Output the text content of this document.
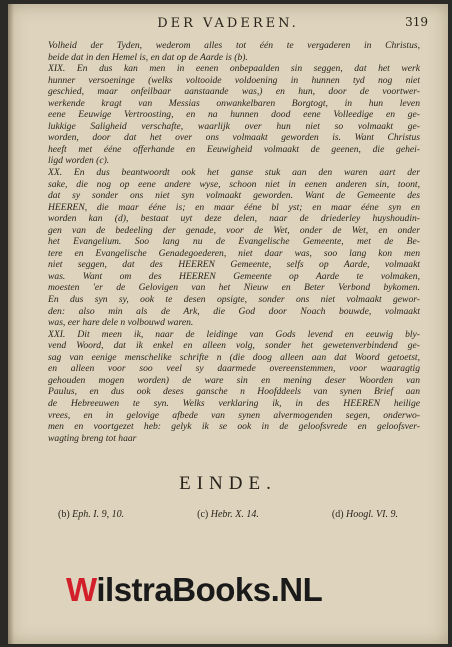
DER VADEREN.	319
Volheid der Tyden, wederom alles tot één te vergaderen in Christus,
beide dat in den Hemel is, en dat op de Aarde is (b).
XIX. En dus kan men in eenen onbepaalden sin seggen, dat het werk
hunner versoeninge (welks voltooide voldoening in hunnen tyd nog niet
geschied, maar onfeilbaar aanstaande was,) en hun, door de voortwer-
werkende kragt van Messias onwankelbaren Borgtogt, in hun leven
eene Eeuwige Vertroosting, en na hunnen dood eene Volleedige en ge-
lukkige Saligheid verschafte, waarlijk over hun niet so volmaakt ge-
worden, door dat het over ons volmaakt geworden is. Want Christus
heeft met ééne offerhande en Eeuwigheid volmaakt de geenen, die gehei-
ligd worden (c).
XX. En dus beantwoordt ook het ganse stuk aan den waren aart der
sake, die nog op eene andere wyse, schoon niet in eenen anderen sin, toont,
dat sy sonder ons niet syn volmaakt geworden. Want de Gemeente des
HEEREN, die maar ééne is; en maar ééne bl yst; en maar ééne syn en
worden kan (d), bestaat uyt deze delen, naar de driederley huyshoudin-
gen van de bedeeling der genade, voor de Wet, onder de Wet, en onder
het Evangelium. Soo lang nu de Evangelische Gemeente, met de Be-
tere en Evangelische Genadegoederen, niet daar was, soo lang kon men
niet seggen, dat des HEEREN Gemeente, selfs op Aarde, volmaakt
was. Want om des HEEREN Gemeente op Aarde te volmaken,
moesten 'er de Gelovigen van het Nieuw en Beter Verbond bykomen.
En dus syn sy, ook te desen opsigte, sonder ons niet volmaakt gewor-
den: also min als de Ark, die God door Noach bouwde, volmaakt
was, eer hare dele n volbouwd waren.
XXI. Dit meen ik, naar de leidinge van Gods levend en eeuwig bly-
vend Woord, dat ik enkel en alleen volg, sonder het gewetenverbindend ge-
sag van eenige menschelike schrifte n (die doog alleen aan dat Woord getoetst,
en alleen voor soo veel sy daarmede overeenstemmen, voor waaragtig
gehouden mogen worden) de ware sin en mening deser Woorden van
Paulus, en dus ook deses gansche n Hoofddeels van synen Brief aan
de Hebreeuwen te syn. Welks verklaring ik, in des HEEREN heilige
vrees, en in gelovige afbede van synen alvermogenden segen, onderwo-
men en voortgezet heb: gelyk ik se ook in de geloofsvrede en geloofsver-
wagting breng tot haar
EINDE.
(b) Eph. I. 9, 10.	(c) Hebr. X. 14.	(d) Hoogl. VI. 9.
WilstraBooks.NL
